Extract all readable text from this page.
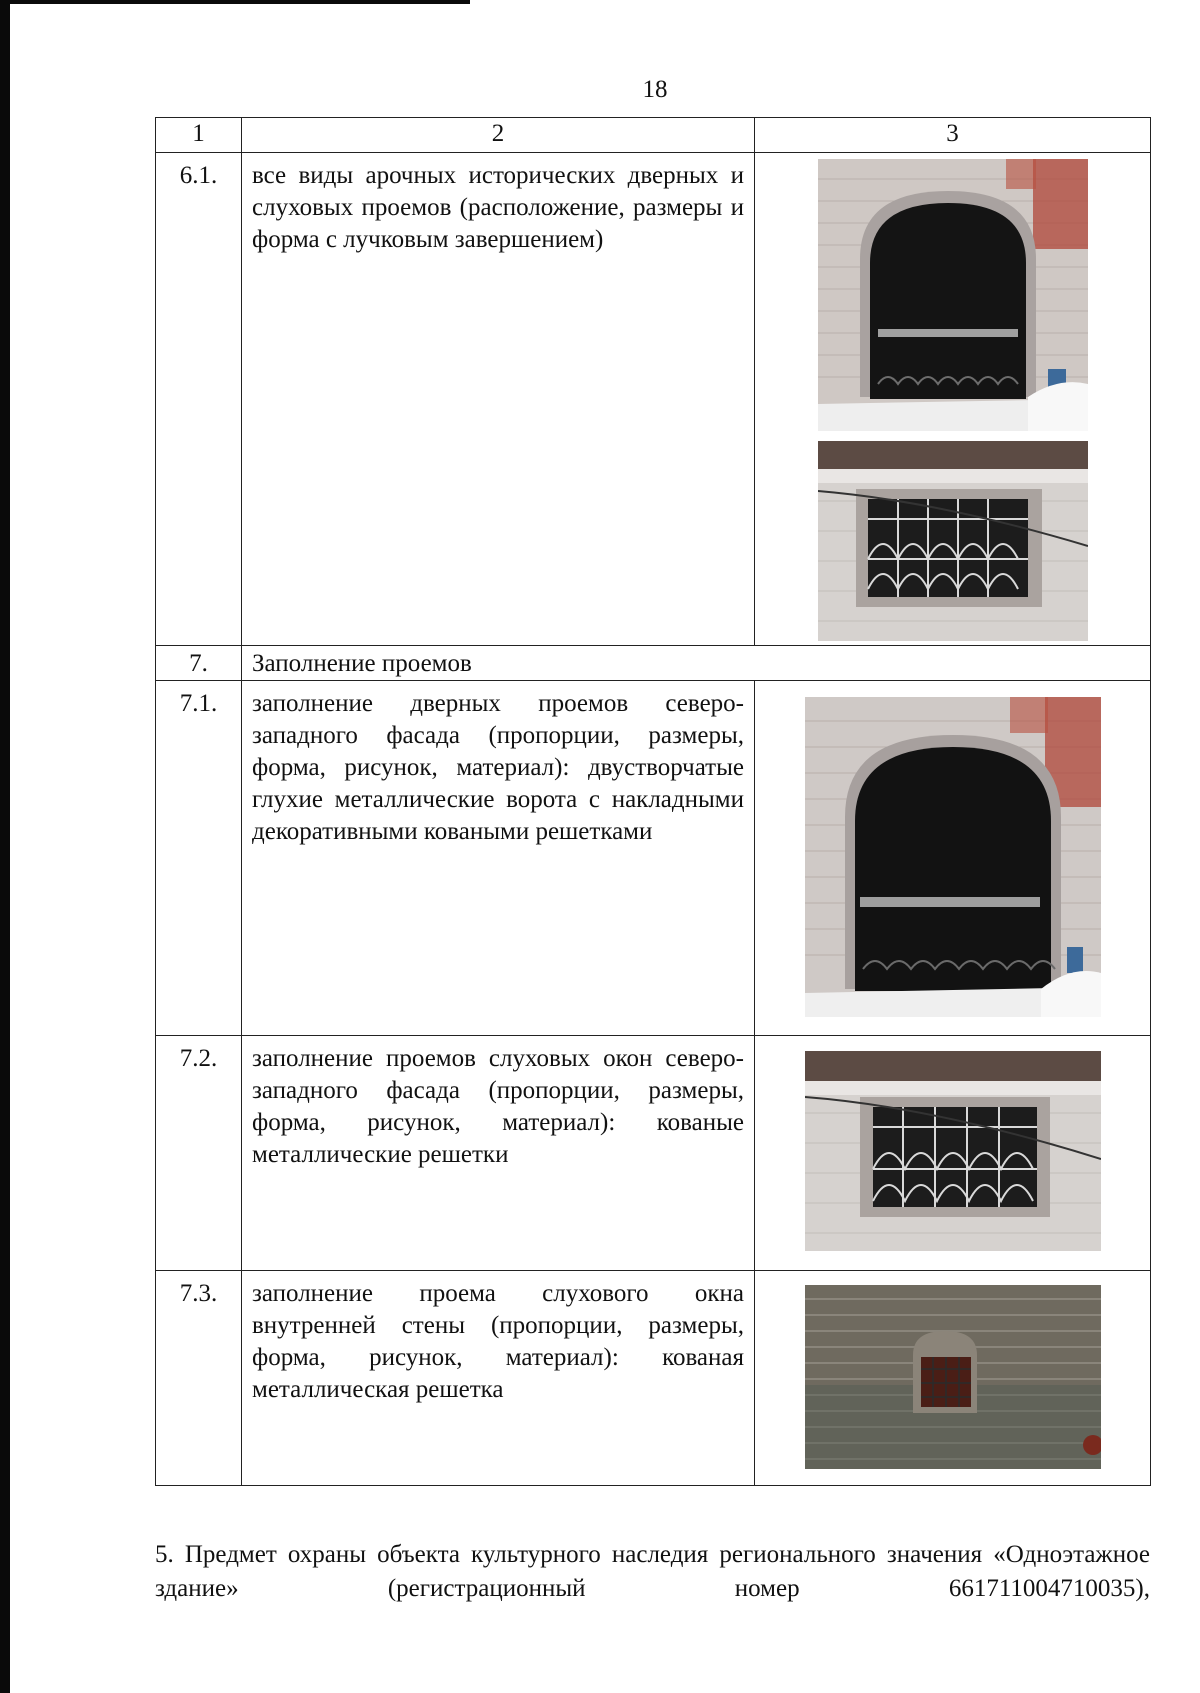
18
1	2	3
6.1.	все виды арочных исторических дверных и слуховых проемов (расположение, размеры и форма с лучковым завершением)	

7.	Заполнение проемов	
7.1.	заполнение дверных проемов северо-западного фасада (пропорции, размеры, форма, рисунок, материал): двустворчатые глухие металлические ворота с накладными декоративными коваными решетками	

7.2.	заполнение проемов слуховых окон северо-западного фасада (пропорции, размеры, форма, рисунок, материал): кованые металлические решетки	

7.3.	заполнение проема слухового окна внутренней стены (пропорции, размеры, форма, рисунок, материал): кованая металлическая решетка	
5. Предмет охраны объекта культурного наследия регионального значения «Одноэтажное здание» (регистрационный номер 661711004710035),
